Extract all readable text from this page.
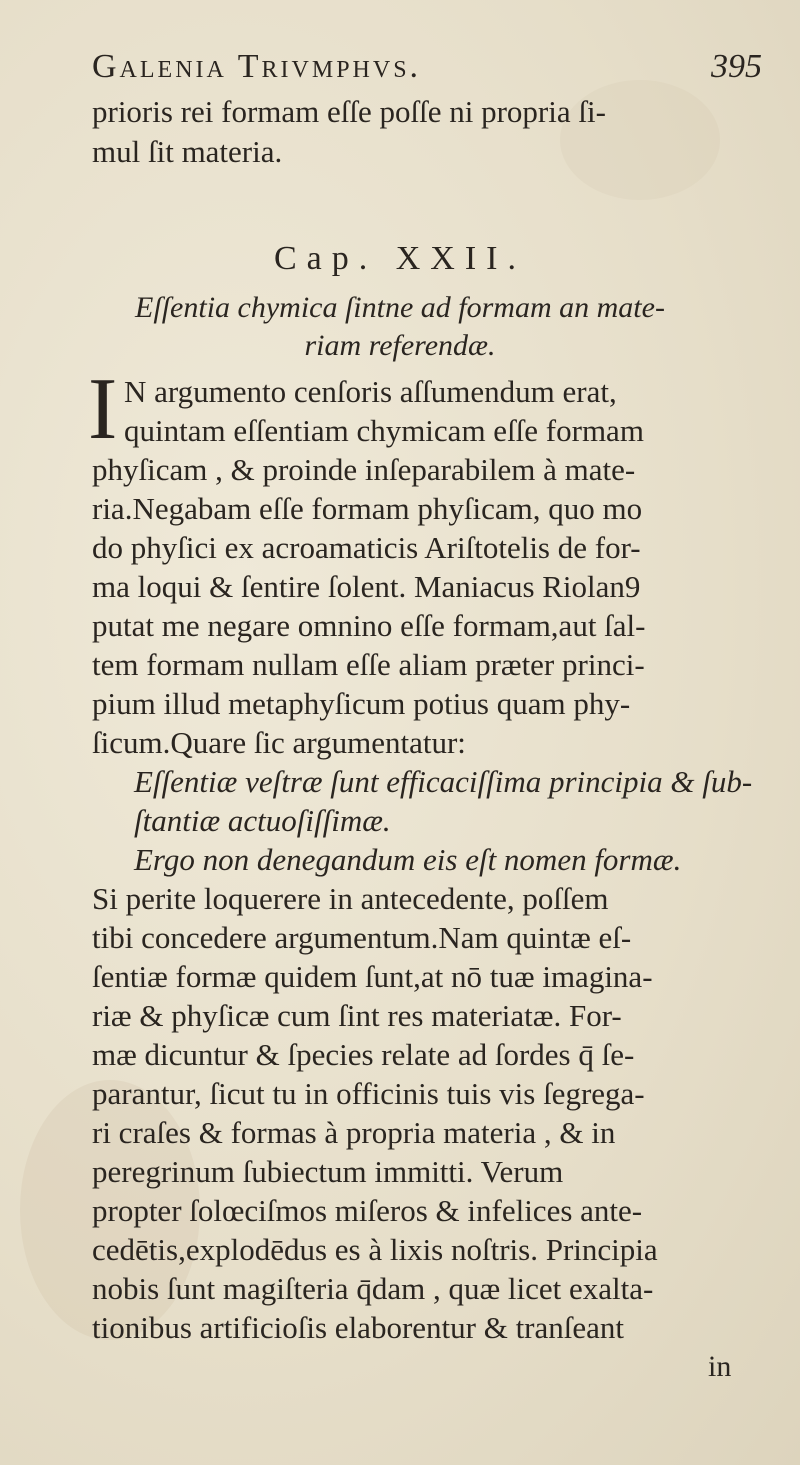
Galenia Trivmphvs.	395
prioris rei formam eſſe poſſe ni propria ſi-
mul ſit materia.
Cap. XXII.
Eſſentia chymica ſintne ad formam an mate-
riam referendæ.
I N argumento cenſoris aſſumendum erat,
quintam eſſentiam chymicam eſſe formam
phyſicam , & proinde inſeparabilem à mate-
ria.Negabam eſſe formam phyſicam, quo mo
do phyſici ex acroamaticis Ariſtotelis de for-
ma loqui & ſentire ſolent. Maniacus Riolan9
putat me negare omnino eſſe formam,aut ſal-
tem formam nullam eſſe aliam præter princi-
pium illud metaphyſicum potius quam phy-
ſicum.Quare ſic argumentatur:
Eſſentiæ veſtræ ſunt efficaciſſima principia & ſub-
ſtantiæ actuoſiſſimæ.
Ergo non denegandum eis eſt nomen formæ.
Si perite loquerere in antecedente, poſſem
tibi concedere argumentum.Nam quintæ eſ-
ſentiæ formæ quidem ſunt,at nō tuæ imagina-
riæ & phyſicæ cum ſint res materiatæ. For-
mæ dicuntur & ſpecies relate ad ſordes q̄ ſe-
parantur, ſicut tu in officinis tuis vis ſegrega-
ri craſes & formas à propria materia , & in
peregrinum ſubiectum immitti. Verum
propter ſolœciſmos miſeros & infelices ante-
cedētis,explodēdus es à lixis noſtris. Principia
nobis ſunt magiſteria q̄dam , quæ licet exalta-
tionibus artificioſis elaborentur & tranſeant
in
